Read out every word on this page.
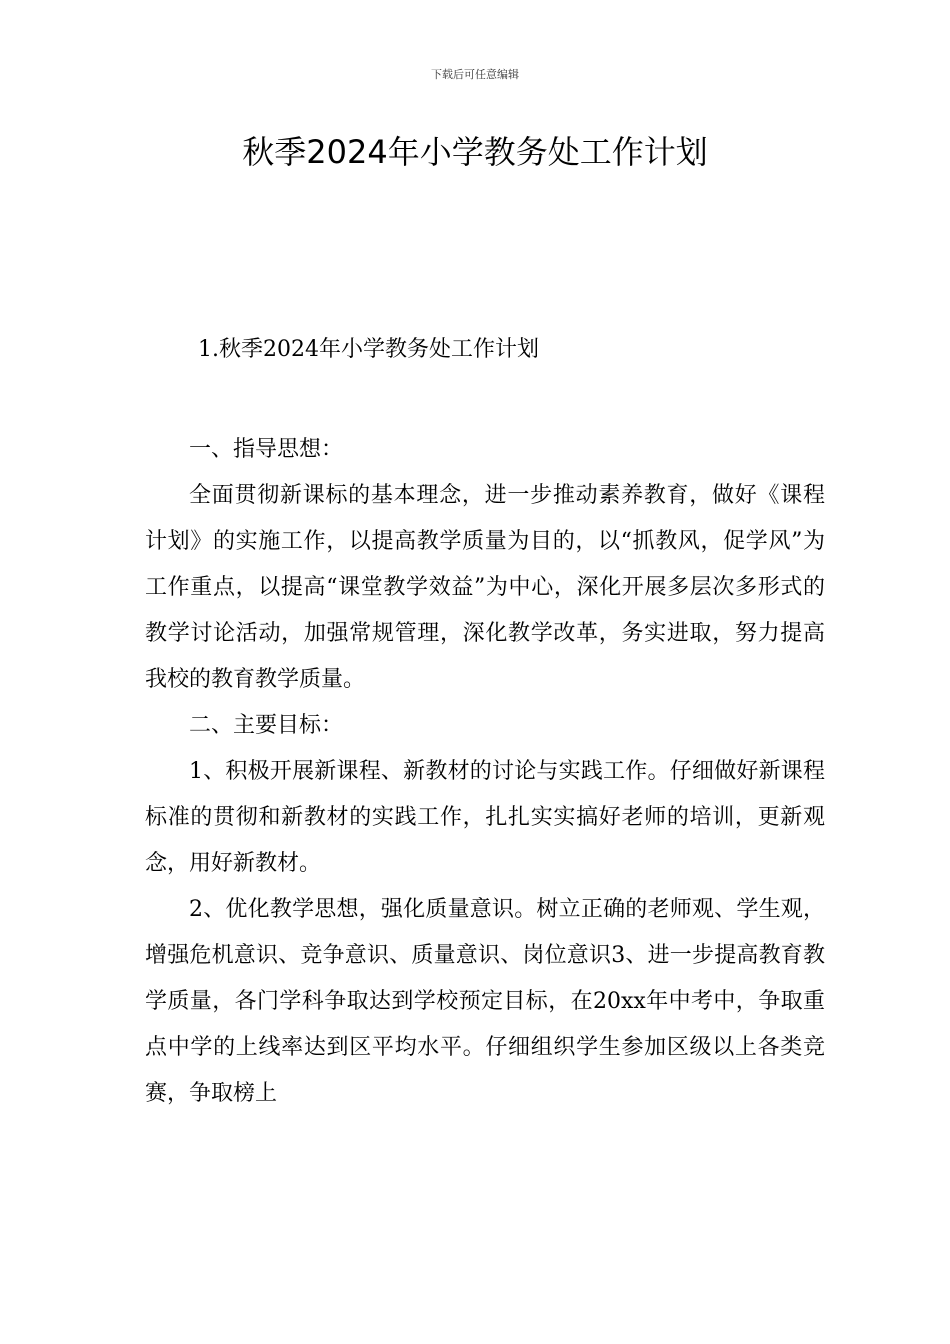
下载后可任意编辑
秋季2024年小学教务处工作计划
1.秋季2024年小学教务处工作计划

一、指导思想：

全面贯彻新课标的基本理念，进一步推动素养教育，做好《课程计划》的实施工作，以提高教学质量为目的，以“抓教风，促学风”为工作重点，以提高“课堂教学效益”为中心，深化开展多层次多形式的教学讨论活动，加强常规管理，深化教学改革，务实进取，努力提高我校的教育教学质量。

二、主要目标：

1、积极开展新课程、新教材的讨论与实践工作。仔细做好新课程标准的贯彻和新教材的实践工作，扎扎实实搞好老师的培训，更新观念，用好新教材。

2、优化教学思想，强化质量意识。树立正确的老师观、学生观，增强危机意识、竞争意识、质量意识、岗位意识3、进一步提高教育教学质量，各门学科争取达到学校预定目标，在20xx年中考中，争取重点中学的上线率达到区平均水平。仔细组织学生参加区级以上各类竞赛，争取榜上
